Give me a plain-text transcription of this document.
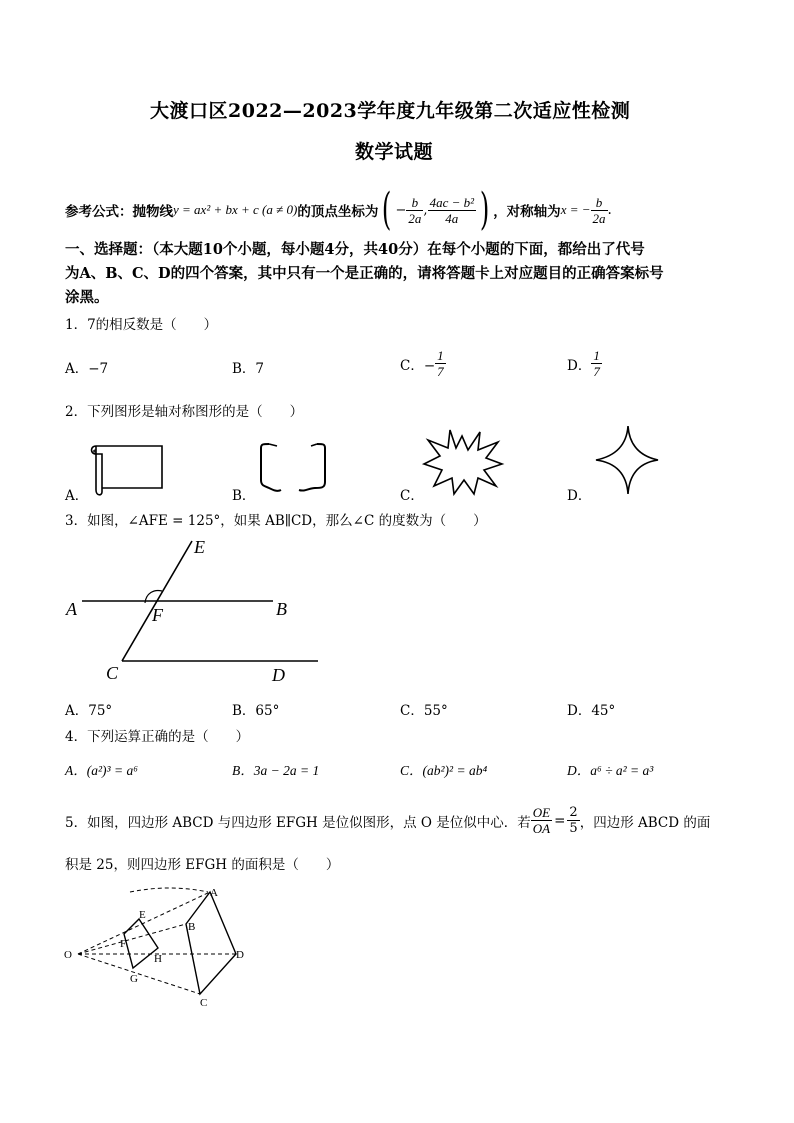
大渡口区2022—2023学年度九年级第二次适应性检测
数学试题
参考公式： 抛物线 y = ax² + bx + c (a ≠ 0) 的顶点坐标为 ( − $\frac{b}{2a}$ , $\frac{\text{4ac − b²}}{4a}$ ) ，对称轴为 x = − $\frac{b}{2a}$ .
一、选择题：（本大题10个小题，每小题4分，共40分）在每个小题的下面，都给出了代号
为A、B、C、D的四个答案，其中只有一个是正确的，请将答题卡上对应题目的正确答案标号
涂黑。
1．7的相反数是（　　）
A．−7	B．7	C．− $\frac{1}{7}$	D． $\frac{1}{7}$
2．下列图形是轴对称图形的是（　　）
A．	B．	C．	D．
3．如图，∠AFE = 125°，如果 AB∥CD，那么∠C 的度数为（　　）
E
A	F	B
C	D
A．75°	B．65°	C．55°	D．45°
4．下列运算正确的是（　　）
A．(a²)³ = a⁶	B．3a − 2a = 1	C．(ab²)² = ab⁴	D．a⁶ ÷ a² = a³
5．如图，四边形 ABCD 与四边形 EFGH 是位似图形，点 O 是位似中心．若 $\frac{OE}{OA} = \frac{2}{5}$ ，四边形 ABCD 的面
积是 25，则四边形 EFGH 的面积是（　　）
O
E
F
G
H
A
B
C
D
